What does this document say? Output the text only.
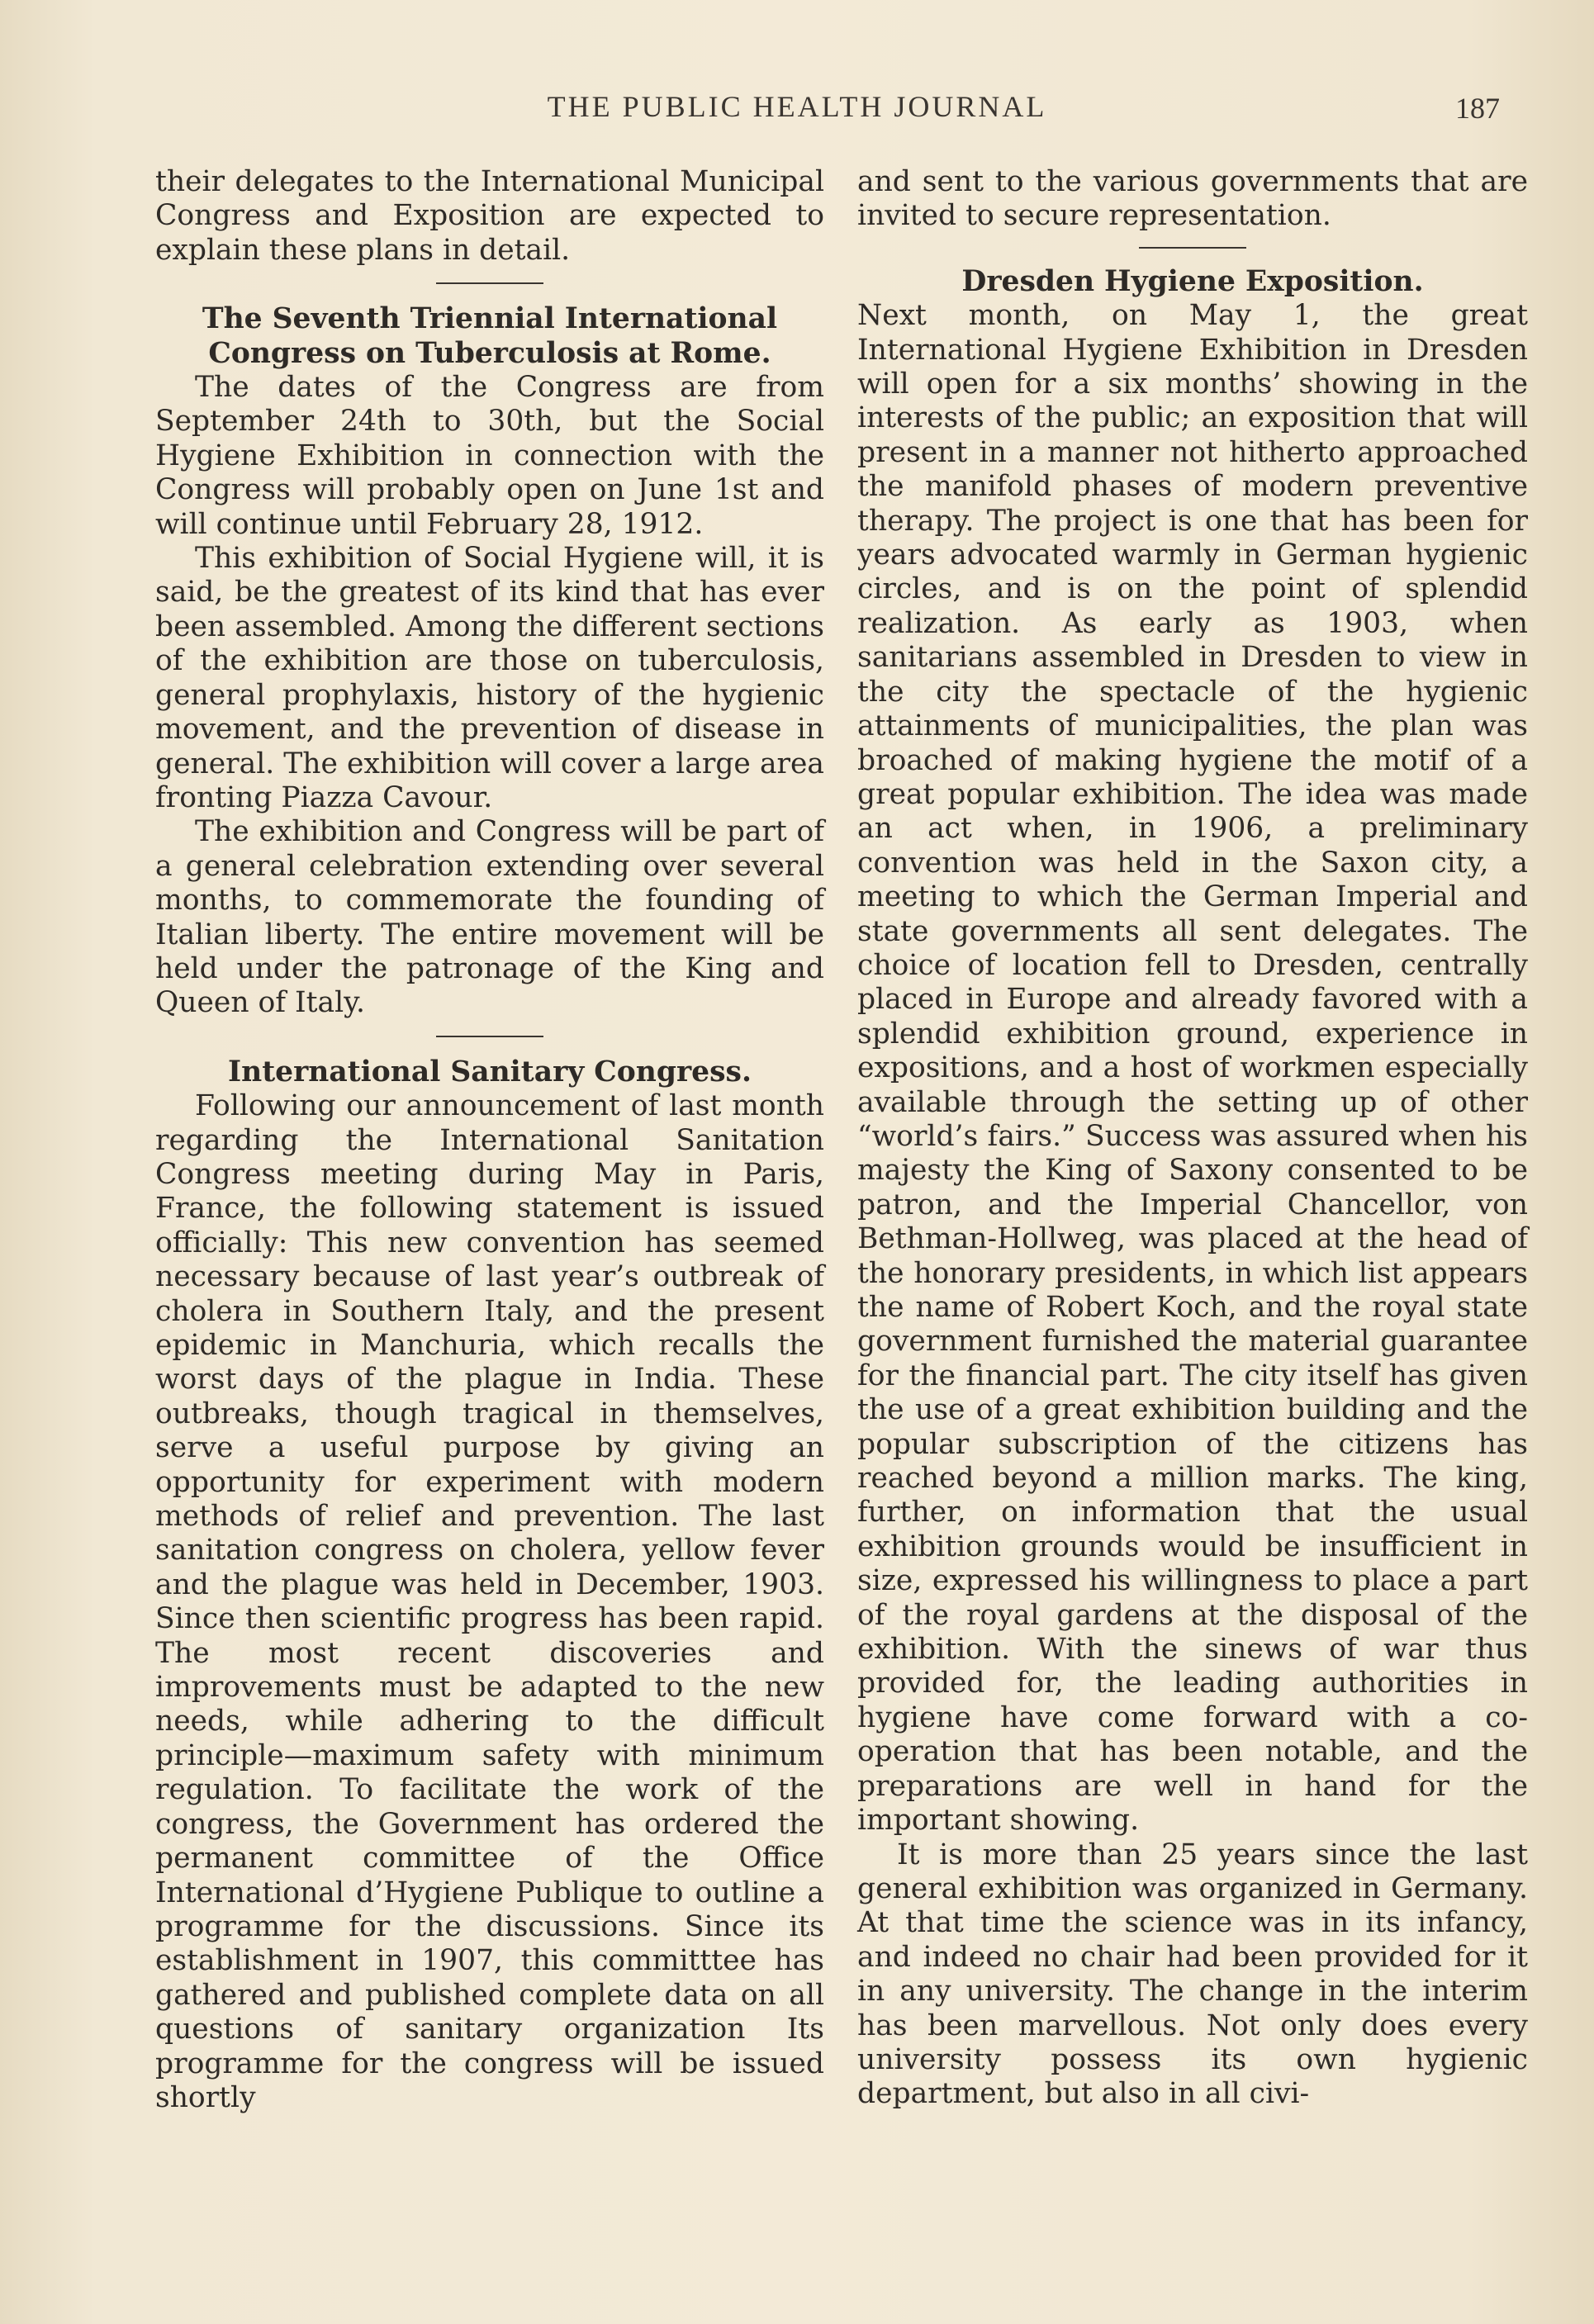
THE PUBLIC HEALTH JOURNAL	187

their delegates to the International Municipal Congress and Exposition are expected to explain these plans in detail.

The Seventh Triennial International Congress on Tuberculosis at Rome.

The dates of the Congress are from September 24th to 30th, but the Social Hygiene Exhibition in connection with the Congress will probably open on June 1st and will continue until February 28, 1912.

This exhibition of Social Hygiene will, it is said, be the greatest of its kind that has ever been assembled. Among the different sections of the exhibition are those on tuberculosis, general prophylaxis, history of the hygienic movement, and the prevention of disease in general. The exhibition will cover a large area fronting Piazza Cavour.

The exhibition and Congress will be part of a general celebration extending over several months, to commemorate the founding of Italian liberty. The entire movement will be held under the patronage of the King and Queen of Italy.

International Sanitary Congress.

Following our announcement of last month regarding the International Sanitation Congress meeting during May in Paris, France, the following statement is issued officially: This new convention has seemed necessary because of last year’s outbreak of cholera in Southern Italy, and the present epidemic in Manchuria, which recalls the worst days of the plague in India. These outbreaks, though tragical in themselves, serve a useful purpose by giving an opportunity for experiment with modern methods of relief and prevention. The last sanitation congress on cholera, yellow fever and the plague was held in December, 1903. Since then scientific progress has been rapid. The most recent discoveries and improvements must be adapted to the new needs, while adhering to the difficult principle—maximum safety with minimum regulation. To facilitate the work of the congress, the Government has ordered the permanent committee of the Office International d’Hygiene Publique to outline a programme for the discussions. Since its establishment in 1907, this committtee has gathered and published complete data on all questions of sanitary organization Its programme for the congress will be issued shortly

and sent to the various governments that are invited to secure representation.

Dresden Hygiene Exposition.

Next month, on May 1, the great International Hygiene Exhibition in Dresden will open for a six months’ showing in the interests of the public; an exposition that will present in a manner not hitherto approached the manifold phases of modern preventive therapy. The project is one that has been for years advocated warmly in German hygienic circles, and is on the point of splendid realization. As early as 1903, when sanitarians assembled in Dresden to view in the city the spectacle of the hygienic attainments of municipalities, the plan was broached of making hygiene the motif of a great popular exhibition. The idea was made an act when, in 1906, a preliminary convention was held in the Saxon city, a meeting to which the German Imperial and state governments all sent delegates. The choice of location fell to Dresden, centrally placed in Europe and already favored with a splendid exhibition ground, experience in expositions, and a host of workmen especially available through the setting up of other “world’s fairs.” Success was assured when his majesty the King of Saxony consented to be patron, and the Imperial Chancellor, von Bethman-Hollweg, was placed at the head of the honorary presidents, in which list appears the name of Robert Koch, and the royal state government furnished the material guarantee for the financial part. The city itself has given the use of a great exhibition building and the popular subscription of the citizens has reached beyond a million marks. The king, further, on information that the usual exhibition grounds would be insufficient in size, expressed his willingness to place a part of the royal gardens at the disposal of the exhibition. With the sinews of war thus provided for, the leading authorities in hygiene have come forward with a co-operation that has been notable, and the preparations are well in hand for the important showing.

It is more than 25 years since the last general exhibition was organized in Germany. At that time the science was in its infancy, and indeed no chair had been provided for it in any university. The change in the interim has been marvellous. Not only does every university possess its own hygienic department, but also in all civi-
